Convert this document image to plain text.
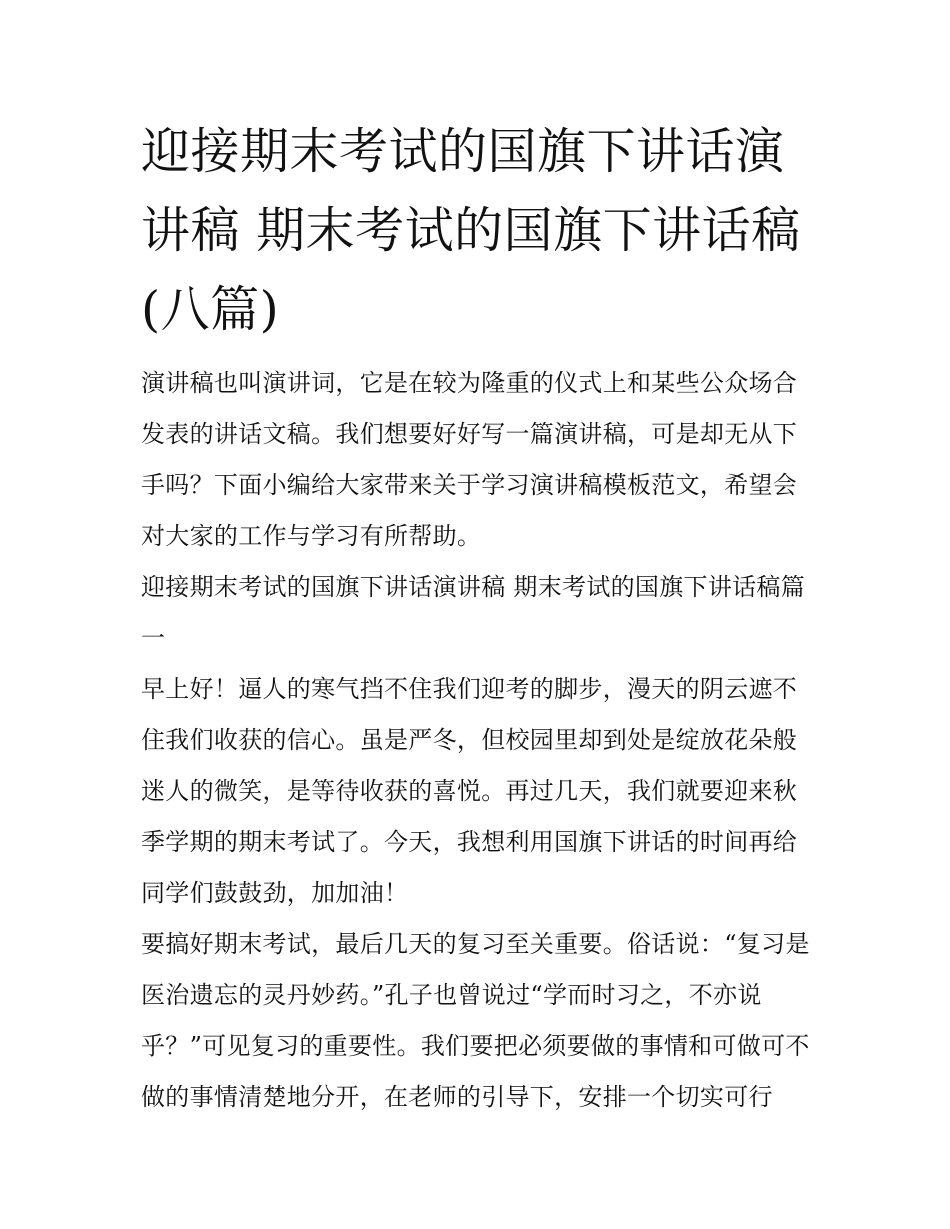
迎接期末考试的国旗下讲话演讲稿 期末考试的国旗下讲话稿(八篇)

演讲稿也叫演讲词，它是在较为隆重的仪式上和某些公众场合发表的讲话文稿。我们想要好好写一篇演讲稿，可是却无从下手吗？下面小编给大家带来关于学习演讲稿模板范文，希望会对大家的工作与学习有所帮助。

迎接期末考试的国旗下讲话演讲稿 期末考试的国旗下讲话稿篇一

早上好！逼人的寒气挡不住我们迎考的脚步，漫天的阴云遮不住我们收获的信心。虽是严冬，但校园里却到处是绽放花朵般迷人的微笑，是等待收获的喜悦。再过几天，我们就要迎来秋季学期的期末考试了。今天，我想利用国旗下讲话的时间再给同学们鼓鼓劲，加加油！

要搞好期末考试，最后几天的复习至关重要。俗话说：“复习是医治遗忘的灵丹妙药。”孔子也曾说过“学而时习之，不亦说乎？”可见复习的重要性。我们要把必须要做的事情和可做可不做的事情清楚地分开，在老师的引导下，安排一个切实可行
